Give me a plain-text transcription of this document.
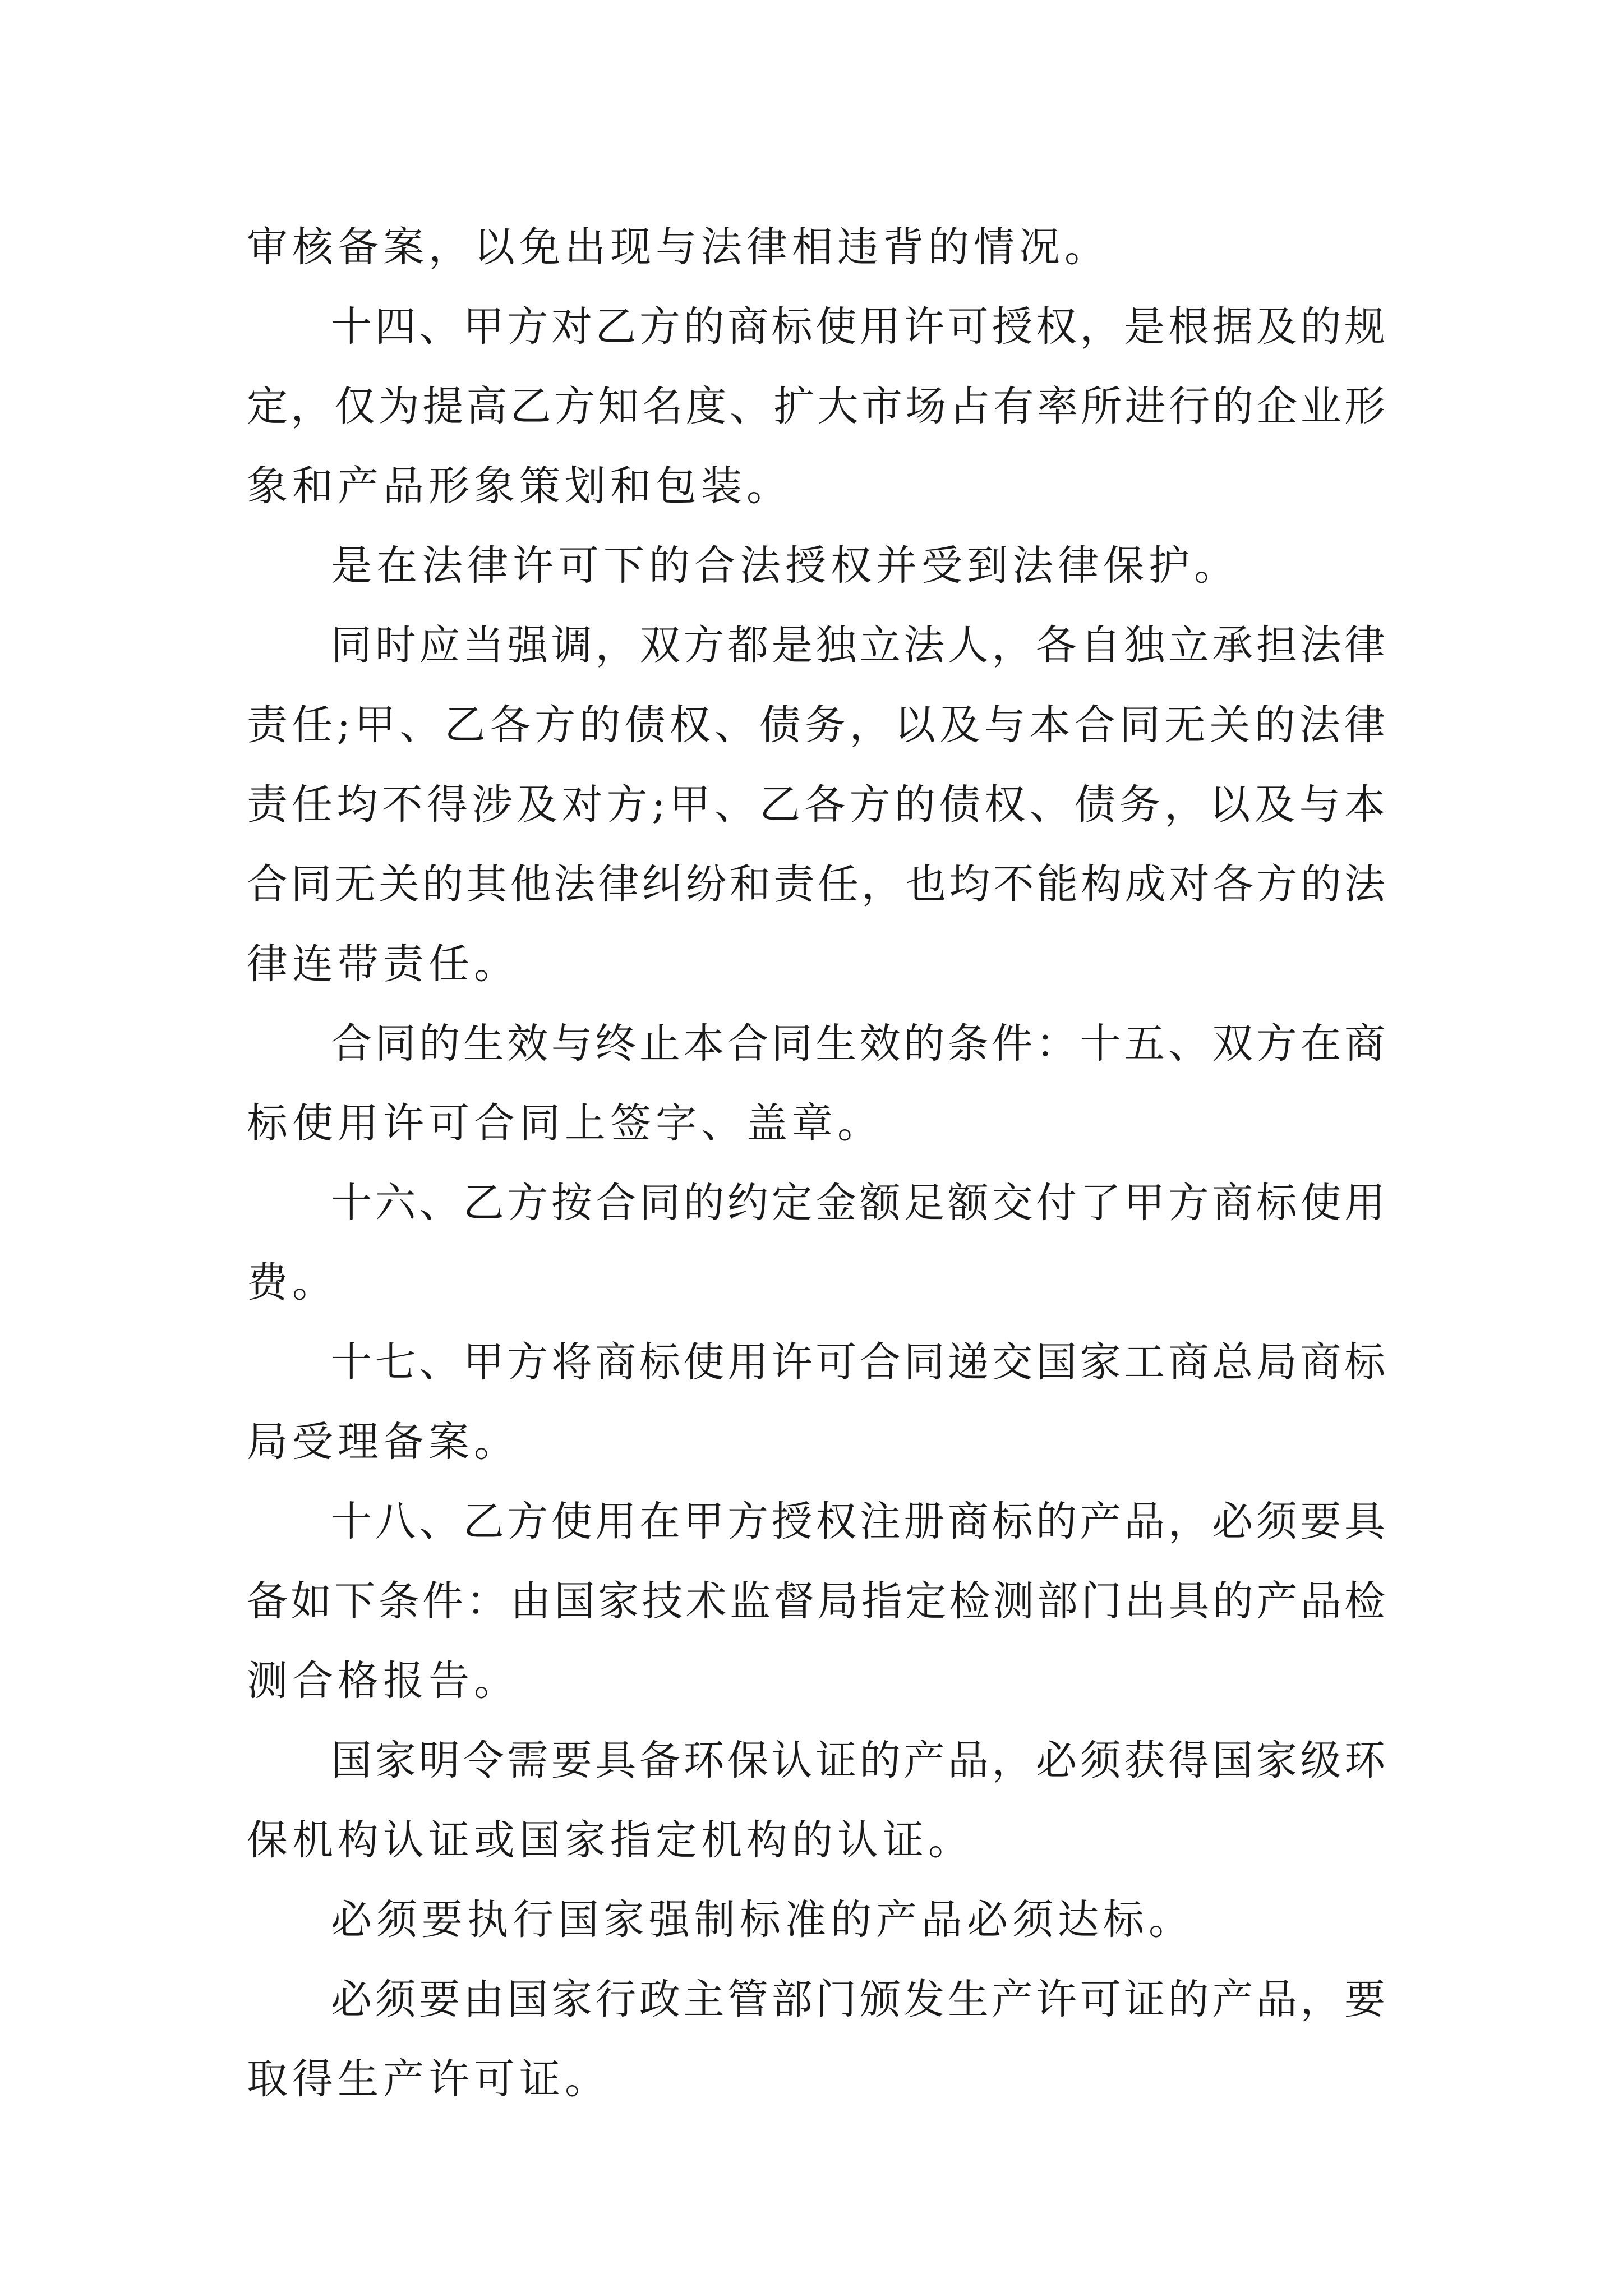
审核备案，以免出现与法律相违背的情况。
十四、甲方对乙方的商标使用许可授权，是根据及的规
定，仅为提高乙方知名度、扩大市场占有率所进行的企业形
象和产品形象策划和包装。
是在法律许可下的合法授权并受到法律保护。
同时应当强调，双方都是独立法人，各自独立承担法律
责任;甲、乙各方的债权、债务，以及与本合同无关的法律
责任均不得涉及对方;甲、乙各方的债权、债务，以及与本
合同无关的其他法律纠纷和责任，也均不能构成对各方的法
律连带责任。
合同的生效与终止本合同生效的条件：十五、双方在商
标使用许可合同上签字、盖章。
十六、乙方按合同的约定金额足额交付了甲方商标使用
费。
十七、甲方将商标使用许可合同递交国家工商总局商标
局受理备案。
十八、乙方使用在甲方授权注册商标的产品，必须要具
备如下条件：由国家技术监督局指定检测部门出具的产品检
测合格报告。
国家明令需要具备环保认证的产品，必须获得国家级环
保机构认证或国家指定机构的认证。
必须要执行国家强制标准的产品必须达标。
必须要由国家行政主管部门颁发生产许可证的产品，要
取得生产许可证。
